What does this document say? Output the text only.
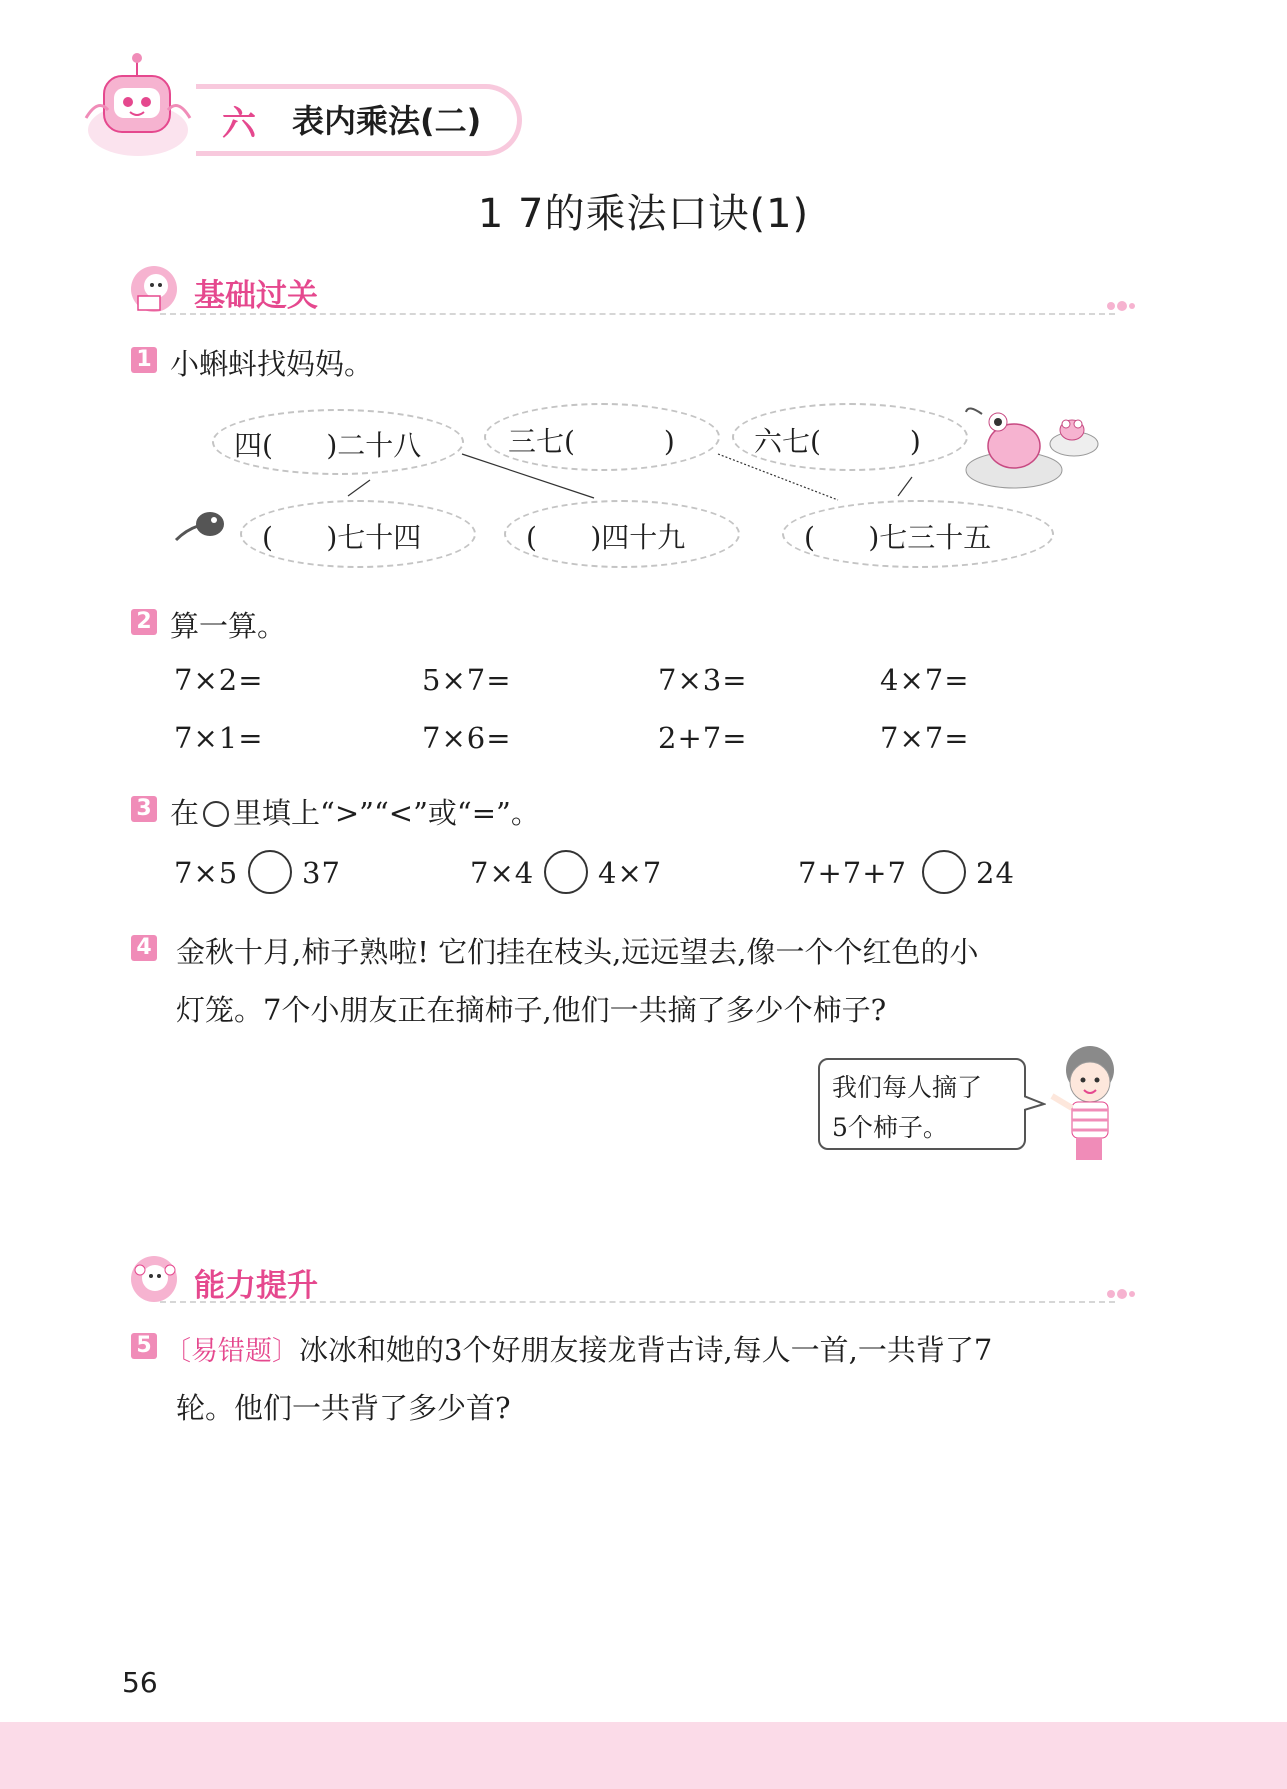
六 表内乘法(二)
1 7的乘法口诀(1)
基础过关
1 小蝌蚪找妈妈。
四(      )二十八	三七(          )	六七(          )
(      )七十四	(      )四十九	(      )七三十五
2 算一算。
7×2=	5×7=	7×3=	4×7=
7×1=	7×6=	2+7=	7×7=
3 在 里填上“>”“<”或“=”。
7×5 37	7×4 4×7	7+7+7 24
4 金秋十月,柿子熟啦! 它们挂在枝头,远远望去,像一个个红色的小
灯笼。7个小朋友正在摘柿子,他们一共摘了多少个柿子?
我们每人摘了
5个柿子。
能力提升
5 〔易错题〕冰冰和她的3个好朋友接龙背古诗,每人一首,一共背了7
轮。他们一共背了多少首?
56
